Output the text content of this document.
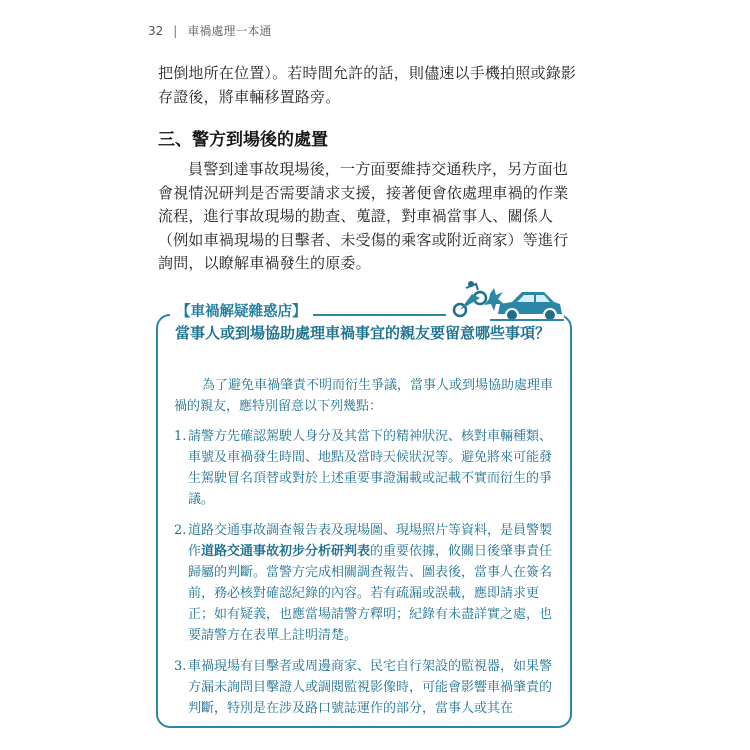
32 | 車禍處理一本通
把倒地所在位置）。若時間允許的話，則儘速以手機拍照或錄影存證後，將車輛移置路旁。
三、警方到場後的處置
員警到達事故現場後，一方面要維持交通秩序，另方面也會視情況研判是否需要請求支援，接著便會依處理車禍的作業流程，進行事故現場的勘查、蒐證，對車禍當事人、關係人（例如車禍現場的目擊者、未受傷的乘客或附近商家）等進行詢問，以瞭解車禍發生的原委。
【車禍解疑雜惑店】
當事人或到場協助處理車禍事宜的親友要留意哪些事項？
為了避免車禍肇責不明而衍生爭議，當事人或到場協助處理車禍的親友，應特別留意以下列幾點：
1. 請警方先確認駕駛人身分及其當下的精神狀況、核對車輛種類、車號及車禍發生時間、地點及當時天候狀況等。避免將來可能發生駕駛冒名頂替或對於上述重要事證漏載或記載不實而衍生的爭議。
2. 道路交通事故調查報告表及現場圖、現場照片等資料，是員警製作道路交通事故初步分析研判表的重要依據，攸關日後肇事責任歸屬的判斷。當警方完成相關調查報告、圖表後，當事人在簽名前，務必核對確認紀錄的內容。若有疏漏或誤載，應即請求更正；如有疑義，也應當場請警方釋明；紀錄有未盡詳實之處，也要請警方在表單上註明清楚。
3. 車禍現場有目擊者或周邊商家、民宅自行架設的監視器，如果警方漏未詢問目擊證人或調閱監視影像時，可能會影響車禍肇責的判斷，特別是在涉及路口號誌運作的部分，當事人或其在
